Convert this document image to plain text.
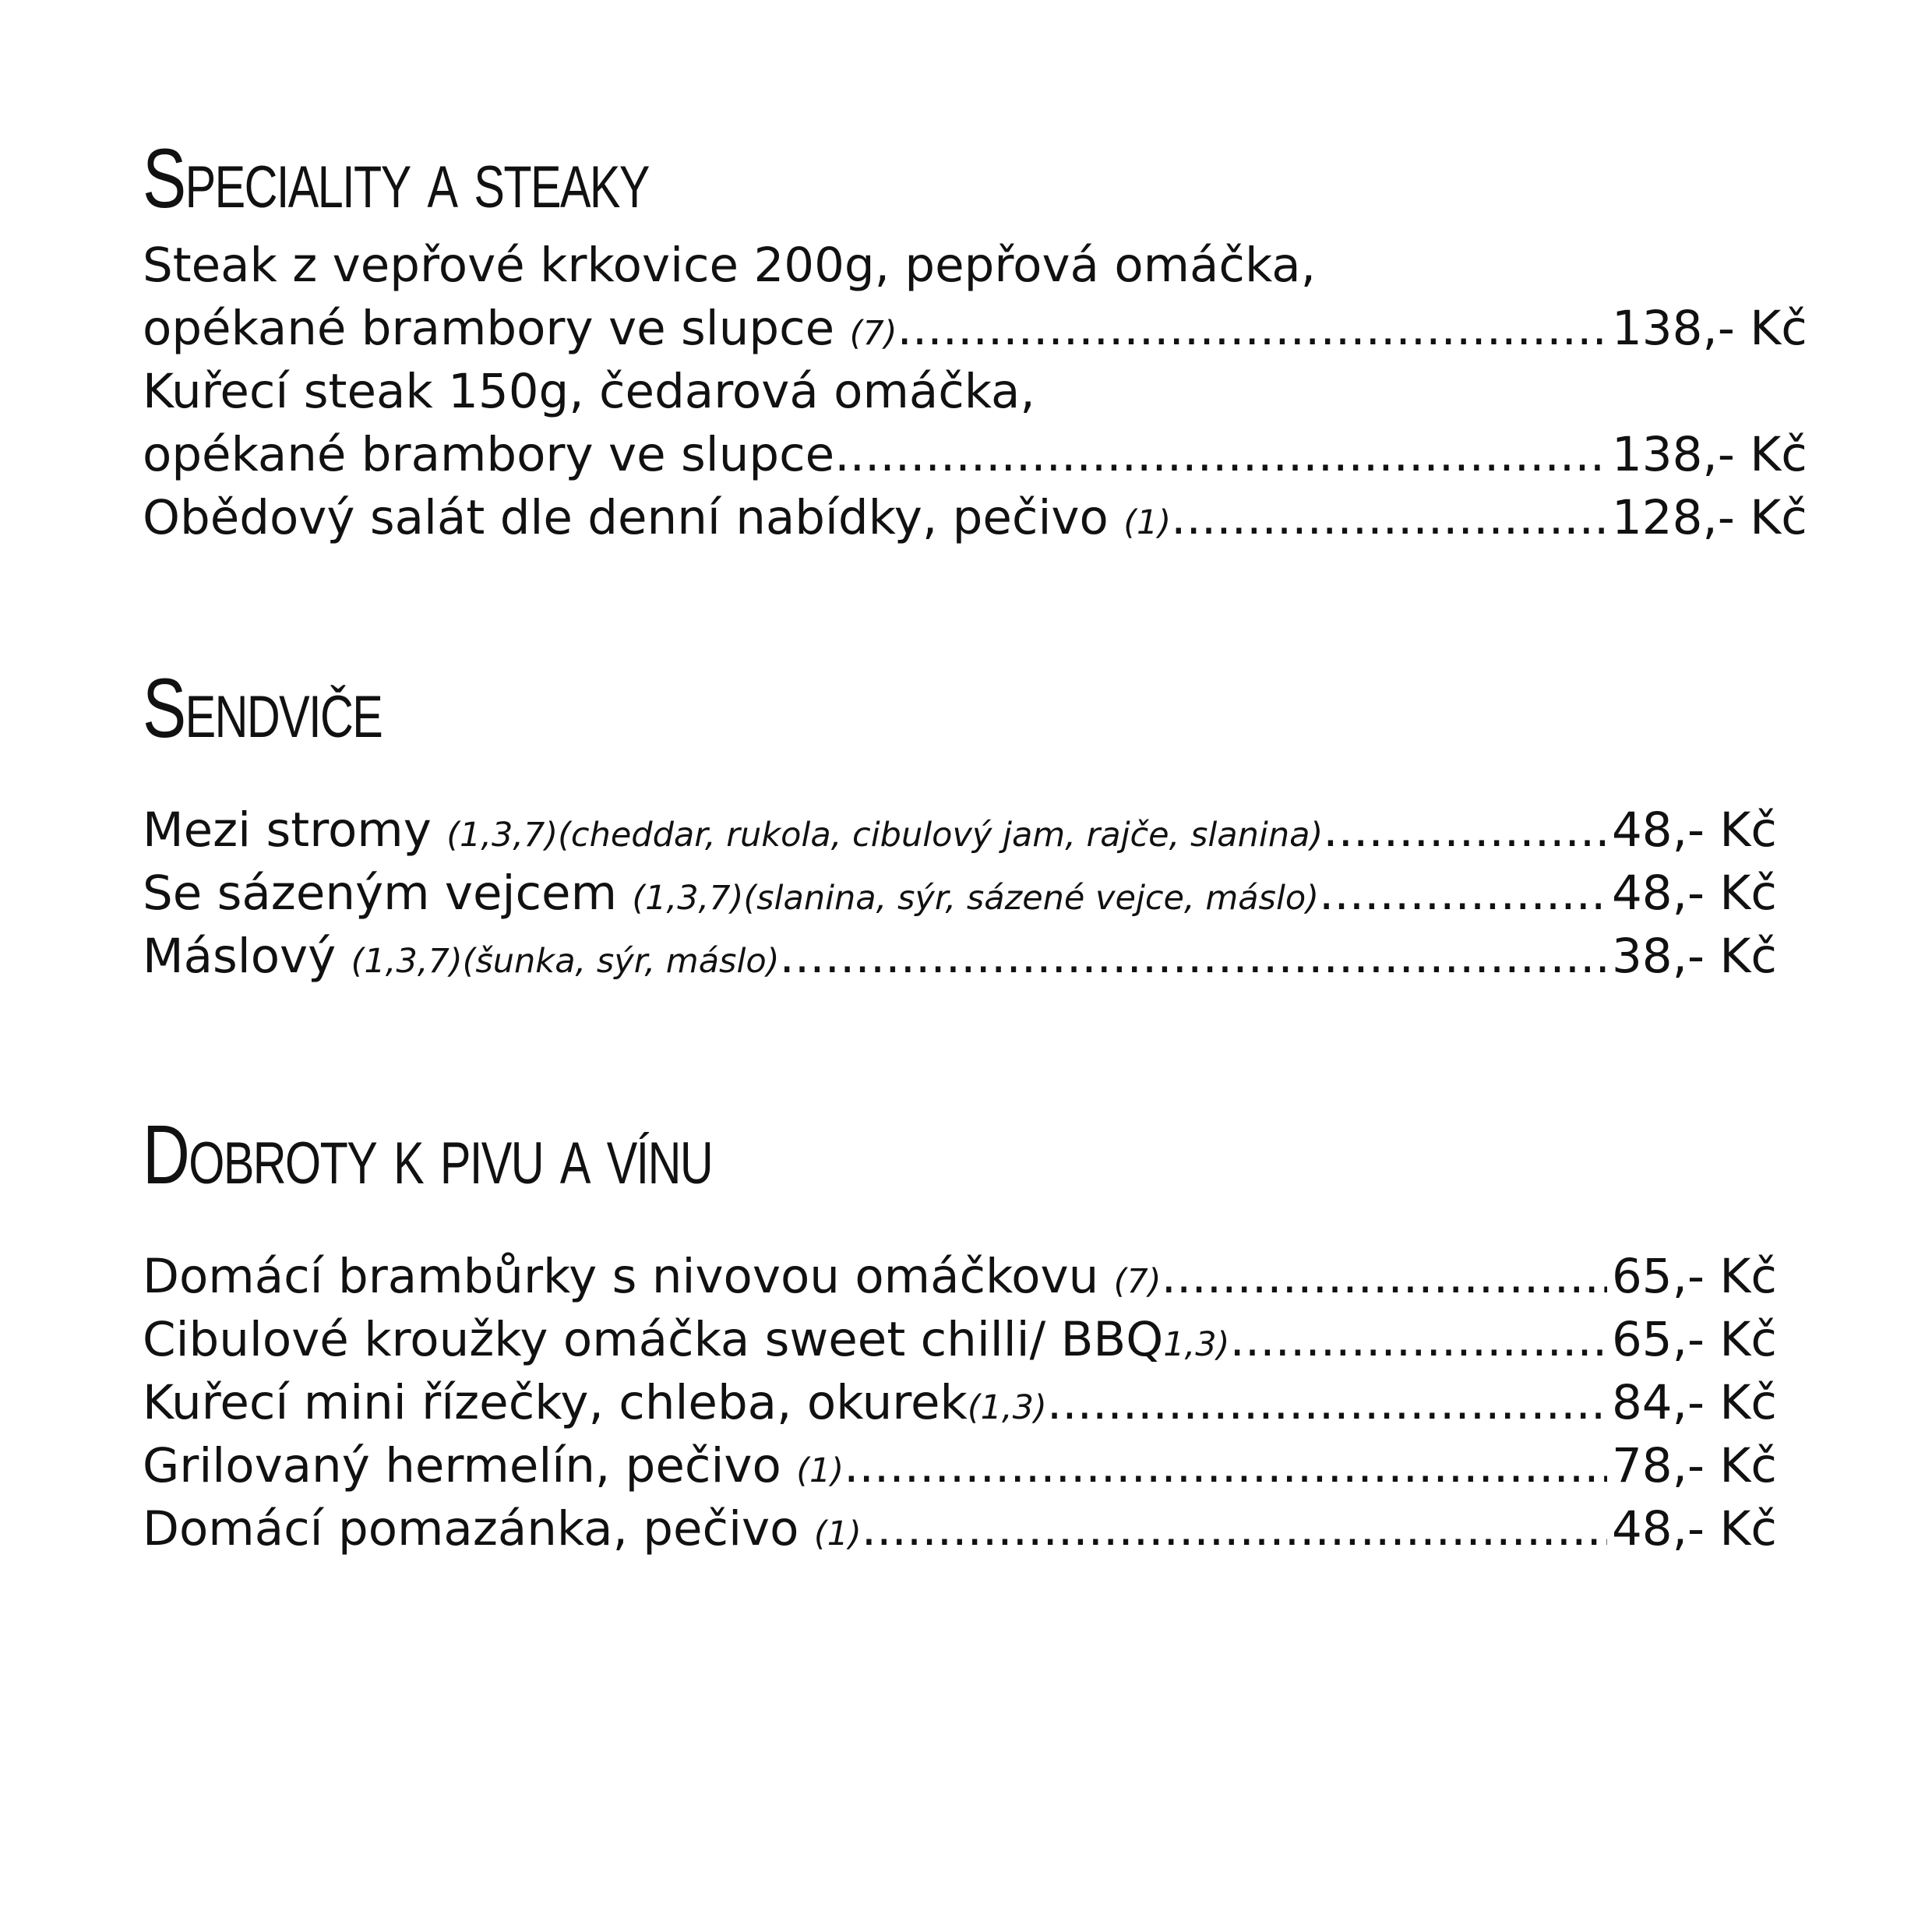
Speciality a steaky
Steak z vepřové krkovice 200g, pepřová omáčka,
opékané brambory ve slupce (7) .....	138,- Kč
Kuřecí steak 150g, čedarová omáčka,
opékané brambory ve slupce .....	138,- Kč
Obědový salát dle denní nabídky, pečivo (1) .....	128,- Kč
Sendviče
Mezi stromy (1,3,7)(cheddar, rukola, cibulový jam, rajče, slanina) .....	48,- Kč
Se sázeným vejcem (1,3,7)(slanina, sýr, sázené vejce, máslo) .....	48,- Kč
Máslový (1,3,7)(šunka, sýr, máslo) .....	38,- Kč
Dobroty k pivu a vínu
Domácí brambůrky s nivovou omáčkovu (7) .....	65,- Kč
Cibulové kroužky omáčka sweet chilli/ BBQ1,3) .....	65,- Kč
Kuřecí mini řízečky, chleba, okurek(1,3) .....	84,- Kč
Grilovaný hermelín, pečivo (1) .....	78,- Kč
Domácí pomazánka, pečivo (1) .....	48,- Kč
